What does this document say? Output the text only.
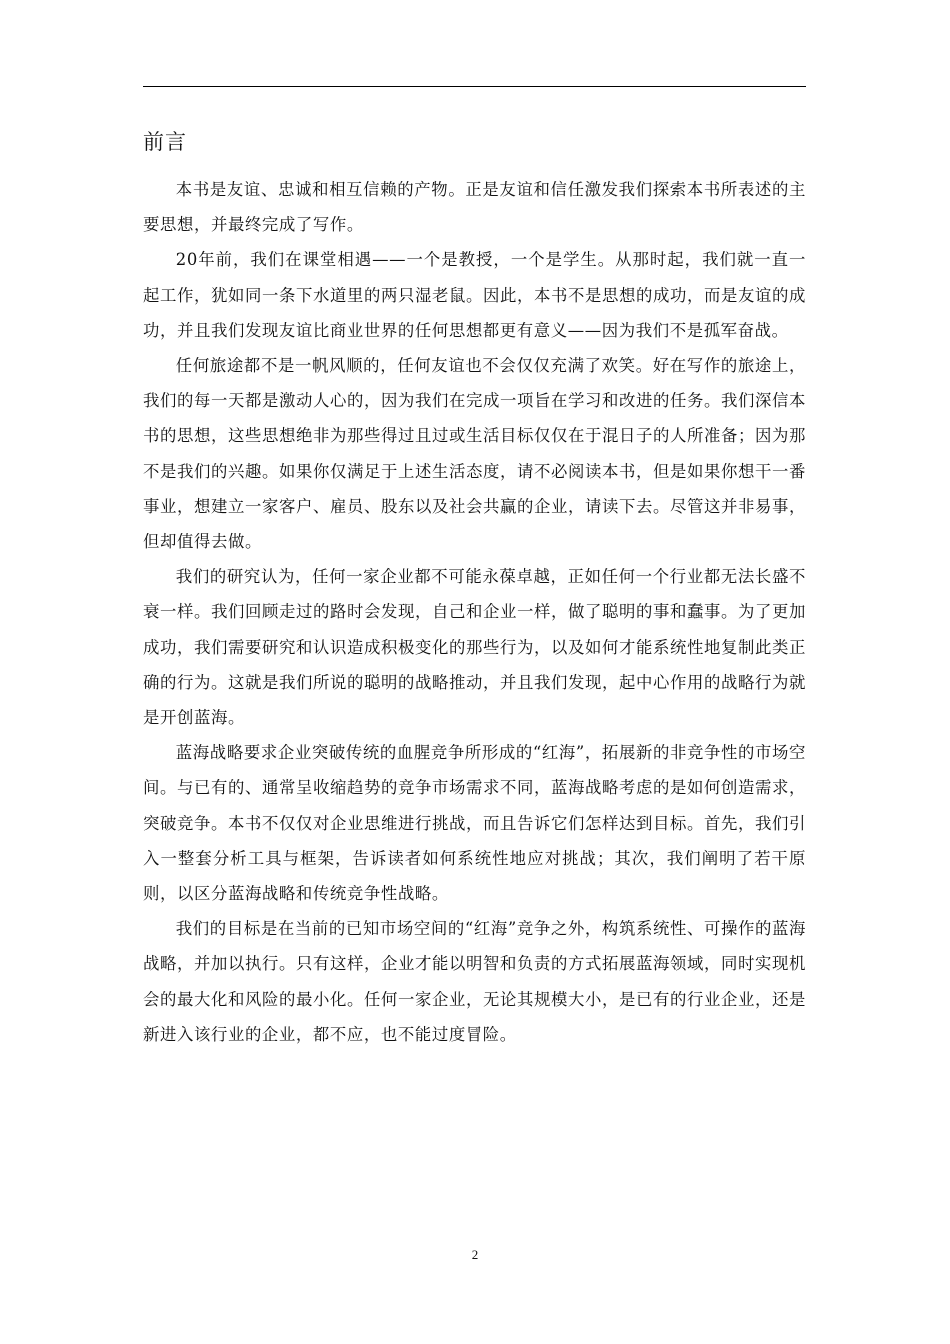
前言

本书是友谊、忠诚和相互信赖的产物。正是友谊和信任激发我们探索本书所表述的主要思想，并最终完成了写作。

20年前，我们在课堂相遇——一个是教授，一个是学生。从那时起，我们就一直一起工作，犹如同一条下水道里的两只湿老鼠。因此，本书不是思想的成功，而是友谊的成功，并且我们发现友谊比商业世界的任何思想都更有意义——因为我们不是孤军奋战。

任何旅途都不是一帆风顺的，任何友谊也不会仅仅充满了欢笑。好在写作的旅途上，我们的每一天都是激动人心的，因为我们在完成一项旨在学习和改进的任务。我们深信本书的思想，这些思想绝非为那些得过且过或生活目标仅仅在于混日子的人所准备；因为那不是我们的兴趣。如果你仅满足于上述生活态度，请不必阅读本书，但是如果你想干一番事业，想建立一家客户、雇员、股东以及社会共赢的企业，请读下去。尽管这并非易事，但却值得去做。

我们的研究认为，任何一家企业都不可能永葆卓越，正如任何一个行业都无法长盛不衰一样。我们回顾走过的路时会发现，自己和企业一样，做了聪明的事和蠢事。为了更加成功，我们需要研究和认识造成积极变化的那些行为，以及如何才能系统性地复制此类正确的行为。这就是我们所说的聪明的战略推动，并且我们发现，起中心作用的战略行为就是开创蓝海。

蓝海战略要求企业突破传统的血腥竞争所形成的“红海”，拓展新的非竞争性的市场空间。与已有的、通常呈收缩趋势的竞争市场需求不同，蓝海战略考虑的是如何创造需求，突破竞争。本书不仅仅对企业思维进行挑战，而且告诉它们怎样达到目标。首先，我们引入一整套分析工具与框架，告诉读者如何系统性地应对挑战；其次，我们阐明了若干原则，以区分蓝海战略和传统竞争性战略。

我们的目标是在当前的已知市场空间的“红海”竞争之外，构筑系统性、可操作的蓝海战略，并加以执行。只有这样，企业才能以明智和负责的方式拓展蓝海领域，同时实现机会的最大化和风险的最小化。任何一家企业，无论其规模大小，是已有的行业企业，还是新进入该行业的企业，都不应，也不能过度冒险。

2
